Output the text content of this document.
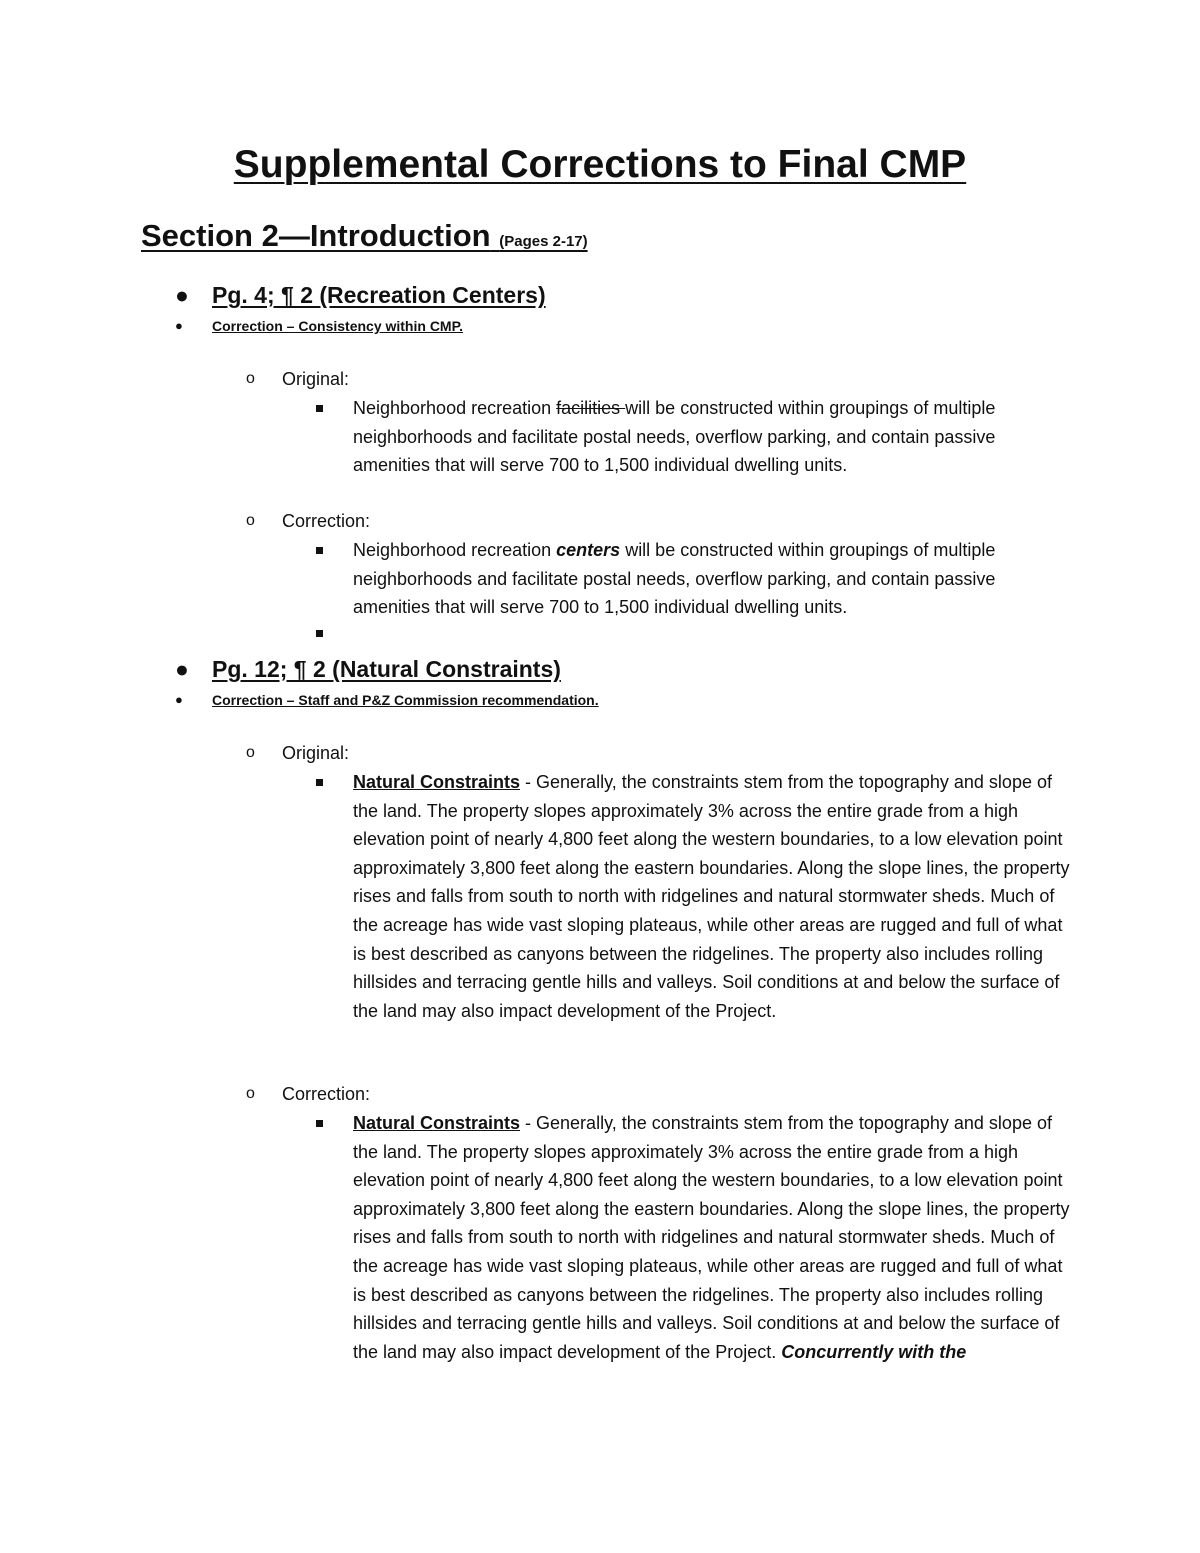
Supplemental Corrections to Final CMP
Section 2—Introduction (Pages 2-17)
● Pg. 4; ¶ 2 (Recreation Centers)
● Correction – Consistency within CMP.
o Original:
Neighborhood recreation facilities will be constructed within groupings of multiple neighborhoods and facilitate postal needs, overflow parking, and contain passive amenities that will serve 700 to 1,500 individual dwelling units.
o Correction:
Neighborhood recreation centers will be constructed within groupings of multiple neighborhoods and facilitate postal needs, overflow parking, and contain passive amenities that will serve 700 to 1,500 individual dwelling units.
● Pg. 12; ¶ 2 (Natural Constraints)
● Correction – Staff and P&Z Commission recommendation.
o Original:
Natural Constraints - Generally, the constraints stem from the topography and slope of the land. The property slopes approximately 3% across the entire grade from a high elevation point of nearly 4,800 feet along the western boundaries, to a low elevation point approximately 3,800 feet along the eastern boundaries. Along the slope lines, the property rises and falls from south to north with ridgelines and natural stormwater sheds. Much of the acreage has wide vast sloping plateaus, while other areas are rugged and full of what is best described as canyons between the ridgelines. The property also includes rolling hillsides and terracing gentle hills and valleys. Soil conditions at and below the surface of the land may also impact development of the Project.
o Correction:
Natural Constraints - Generally, the constraints stem from the topography and slope of the land. The property slopes approximately 3% across the entire grade from a high elevation point of nearly 4,800 feet along the western boundaries, to a low elevation point approximately 3,800 feet along the eastern boundaries. Along the slope lines, the property rises and falls from south to north with ridgelines and natural stormwater sheds. Much of the acreage has wide vast sloping plateaus, while other areas are rugged and full of what is best described as canyons between the ridgelines. The property also includes rolling hillsides and terracing gentle hills and valleys. Soil conditions at and below the surface of the land may also impact development of the Project. Concurrently with the
